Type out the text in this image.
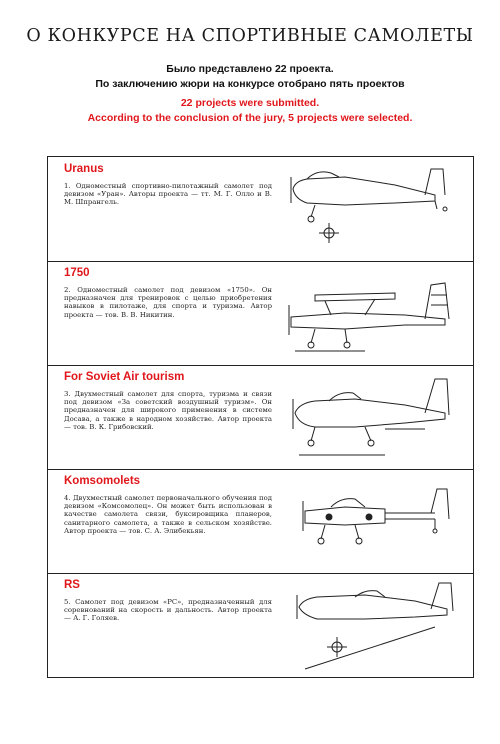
О КОНКУРСЕ НА СПОРТИВНЫЕ САМОЛЕТЫ
Было представлено 22 проекта.
По заключению жюри на конкурсе отобрано пять проектов
22 projects were submitted.
According to the conclusion of the jury, 5 projects were selected.
Uranus
1. Одноместный спортивно-пилотажный самолет под девизом «Уран». Авторы проекта — тт. М. Г. Олло и В. М. Шпрангель.
1750
2. Одноместный самолет под девизом «1750». Он предназначен для тренировок с целью приобретения навыков в пилотаже, для спорта и туризма. Автор проекта — тов. В. В. Никитин.
For Soviet Air tourism
3. Двухместный самолет для спорта, туризма и связи под девизом «За советский воздушный туризм». Он предназначен для широкого применения в системе Досава, а также в народном хозяйстве. Автор проекта — тов. В. К. Грибовский.
Komsomolets
4. Двухместный самолет первоначального обучения под девизом «Комсомолец». Он может быть использован в качестве самолета связи, буксировщика планеров, санитарного самолета, а также в сельском хозяйстве. Автор проекта — тов. С. А. Элибекьян.
RS
5. Самолет под девизом «РС», предназначенный для соревнований на скорость и дальность. Автор проекта — А. Г. Голяев.
